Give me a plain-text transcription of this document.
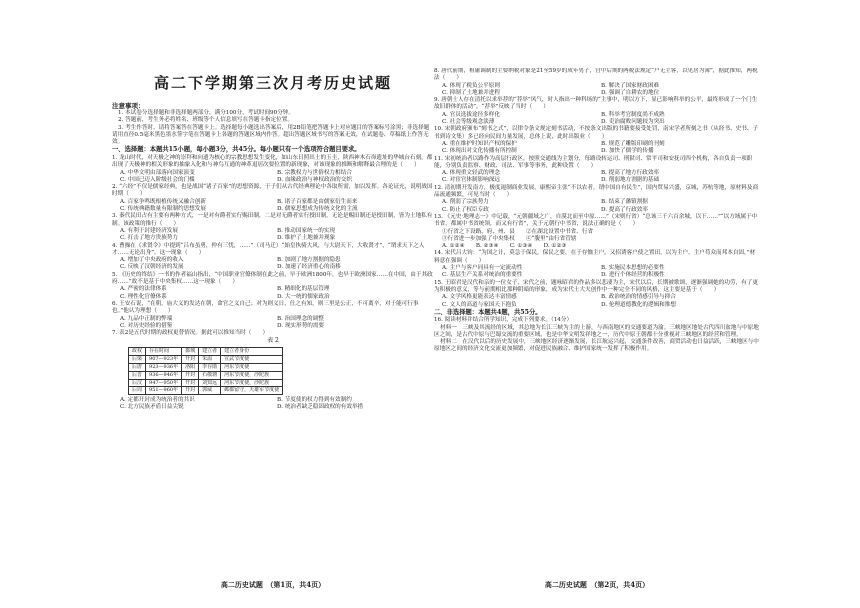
高二下学期第三次月考历史试题
注意事项：
1. 本试卷分选择题和非选择题两部分，满分100分，考试时间90分钟。
2. 答题前，考生务必将姓名、班级等个人信息填写在答题卡指定位置。
3. 考生作答时，请将答案答在答题卡上。选择题每小题选出答案后，用2B铅笔把答题卡上对应题目的答案标号涂黑；非选择题请用直径0.5毫米黑色墨水签字笔在答题卡上各题的答题区域内作答。超出答题区域书写的答案无效，在试题卷、草稿纸上作答无效。
一、选择题：本题共15小题，每小题3分，共45分。每小题只有一个选项符合题目要求。
1. 龙山时代，对天极之神的崇拜和向遗为核心的宗教思想发生变化，如山东日照出土的玉圭，陕西神木石峁遗址的华城台石刻，都出现了天极神的相关形象的抽象入化和与神鸟互通的神革退居次要位置的新现象，对该现象的推断和解释最合理的是（　　）
A. 中华文明由部落向国家演变	B. 宗教权力与世俗权力相结合
C. 中国已迈入阶级社会的门槛	D. 血缘政治与神权政治的交织
2. “六经”不仅是儒家经典，也是战国“诸子百家”的思想资源，于子们从古代经典理论中各取所需，加以发挥。各论证充，说明战国时期（　　）
A. 百家争鸣既根植传统又融合创新	B. 诸子百家都是由儒家衍生而来
C. 传统典籍数量有限制约思想发展	D. 儒家思想成为传统文化的主流
3. 秦代民田占有主要有两种方式，一是对有爵者实行赐田制，二是对无爵者实行授田制，无论是赐田制还是授田制，皆为土地私有制。该政策的推行（　　）
A. 有利于封建经济发展	B. 推动国家统一的实现
C. 打击了地方贵族势力	D. 维护了土地兼并现象
4. 曹操在《求贤令》中提到“吕布虽勇，仲有三忧，……”（司马迁）“始皇执骑大风，与大尉天下，大收贤才”，“谓求天下之人才……无论出身”。这一现象（　　）
A. 增加了中央政府的收入	B. 加剧了地方割据的隐患
C. 反映了汉朝经济的发展	D. 加速了经济重心的南移
5. 《历史的终结》一书的作者福山指出，“中国职业官僚体制在此之前，早于欧洲1800年，也早于欧洲国家……在中国，由于其政府……”故不是基于中央集权……这一现象（　　）
A. 严密的法律体系	B. 精细化的基层管理
C. 理性化官僚体系	D. 大一统的儒家政治
6. 王安石说，“在朝，庙大义的发达在朝，命官之义自己；对为则义日，仕之有知，则三里是公正，不可离辛，对于能可行事也。”他认为理想（　　）
A. 九品中正制的弊端	B. 治国理念的调整
C. 对历史经验的借鉴	D. 现实形势的需要
7. 表2是五代时期的政权更替情况。据此可以推知当时（　　）
表 2
政权	存在时间	都城	建立者	建立者身份
后梁	907—923年	开封	朱温	宣武节度使
后唐	923—936年	洛阳	李存勖	河东节度使
后晋	936—946年	开封	石敬瑭	河东节度使，沙陀族
后汉	947—950年	开封	刘知远	河东节度使，沙陀族
后周	951—960年	开封	郭威	邺都留守，天雄军节度使
A. 定都开封成为统治者的共识	B. 节度使的权力得到有效制约
C. 北方民族矛盾日益尖锐	D. 统治者缺乏稳固政权的有效举措
高二历史试题　（第1页，共4页）
8. 唐代前期，租庸调制的主要纳税对象是21至59岁的成年男子，宫中后期的两税法规定“户无主客，以见居为簿”，据此推知，两税法（　　）
A. 体现了税负公平原则	B. 解决了国家财政困难
C. 抑制了土地兼并进程	D. 强调了自耕农的地位
9. 唐朝士人存在清托以求举荐的“荐举”风气，时人指出一种科场的“主事中，明以方下，显已影响科举的公平，最终形成了一个门生故旧群体的活动”，“荐举”反映了当时（　　）
A. 官员选拔途径多样化	B. 科举考官制度尚不成熟
C. 社会等级观念淡薄	D. 吏治腐败问题较为突出
10. 宋朝政府颁布“刻书之式”，以律令条文规定刻书活动，不按条文出版的书籍要接受处罚，南宋学者所刻之书（从经书、史书、子书到诗文集）多已经向民间力量发展，总体上说，此时出版业（　　）
A. 重在维护时知识产权的保护	B. 规范了雕版印刷的刊刻
C. 体现出对文化传播有所控制	D. 加快了儒学的传播
11. 宋初统治者以路作为高层行政区，按照交通线为主划分，每路设转运司、刑狱司、常平司和安抚司四个机构，各自负责一项职能，分别负责监察、财政、司法、军事等事务，此种设置（　　）
A. 体现重文轻武的理念	B. 提高了地方行政效率
C. 对宦官体制影响深远	D. 削弱地方割据的基础
12. 清初期开发南方，极度遏制商业发展，康熙帝主张“不以农者，谓中国自有民生”，国内贸易兴盛，京城，苏杭等地，原材料及商品流通频繁，可见当时（　　）
A. 削弱了宗族势力	B. 结束了藩镇割据
C. 防止了权臣专政	D. 提高了行政效率
13. 《元史·地理志一》中记载，“元朝疆域之广，自漠北而至中原……”（宋则行省）“总该三千六百余城，以下……”“以方域属于中书省，都属中书省统领，而又有行省”，关于元朝行中书省，说法正确的是（　　）
①行省之下设路、府、州、县　　②在湖北设置中书省、行省
③行省进一步加强了中央集权　　④“腹里”由行省管辖
A. ①②④　　B. ②③④　　C. ①③④　　D. ①②③
14. 宋代吕大钧：“为国之计，莫急于保民，保民之要，在于存恤主户，又招诱客户使之置田，以为主户。主户苟众而邦本自固，”材料意在强调（　　）
A. 主户与客户同具有一定流动性	B. 实施民本思想的必要性
C. 基层生产关系对统治的重要性	D. 进行个体经营的积极性
15. 王昭君是汉代和亲的一位女子，宋代之前，题咏昭君的作品多以悲凄为主，宋代以后，长期被歌颂，逐渐强调她的功劳，有了更为积极的意义，等与前期相比那种阴暗的形象，成为宋代士大夫创作中一种完全不同的风格，这主要是基于（　　）
A. 文学风格更能表达丰富情感	B. 政治统治的情感引导与抑合
C. 文人的高道与家国天下抱负	D. 伦理道德教化的逻辑和推想
二、非选择题：本题共4题，共55分。
16. 阅读材料并结合所学知识，完成下列要求。（14分）
材料一　三峡及其流经的区域，其总地为长江三峡为主的上游，与西南地区的交通要道为渝。三峡地区地处古代四川盆地与中原地区之间，是古代中原与巴蜀交流的重要区域，也是中华文明发祥地之一，历代中原王朝都十分重视对三峡地区的经营和管理。
材料二　在汉代以后的历史发展中，三峡地区经济逐渐发展，长江航运兴起，交通条件改善，商贸活动也日益活跃，三峡地区与中原地区之间的经济文化交流更加频繁，对促进民族融合、维护国家统一发挥了积极作用。
高二历史试题　（第2页，共4页）
